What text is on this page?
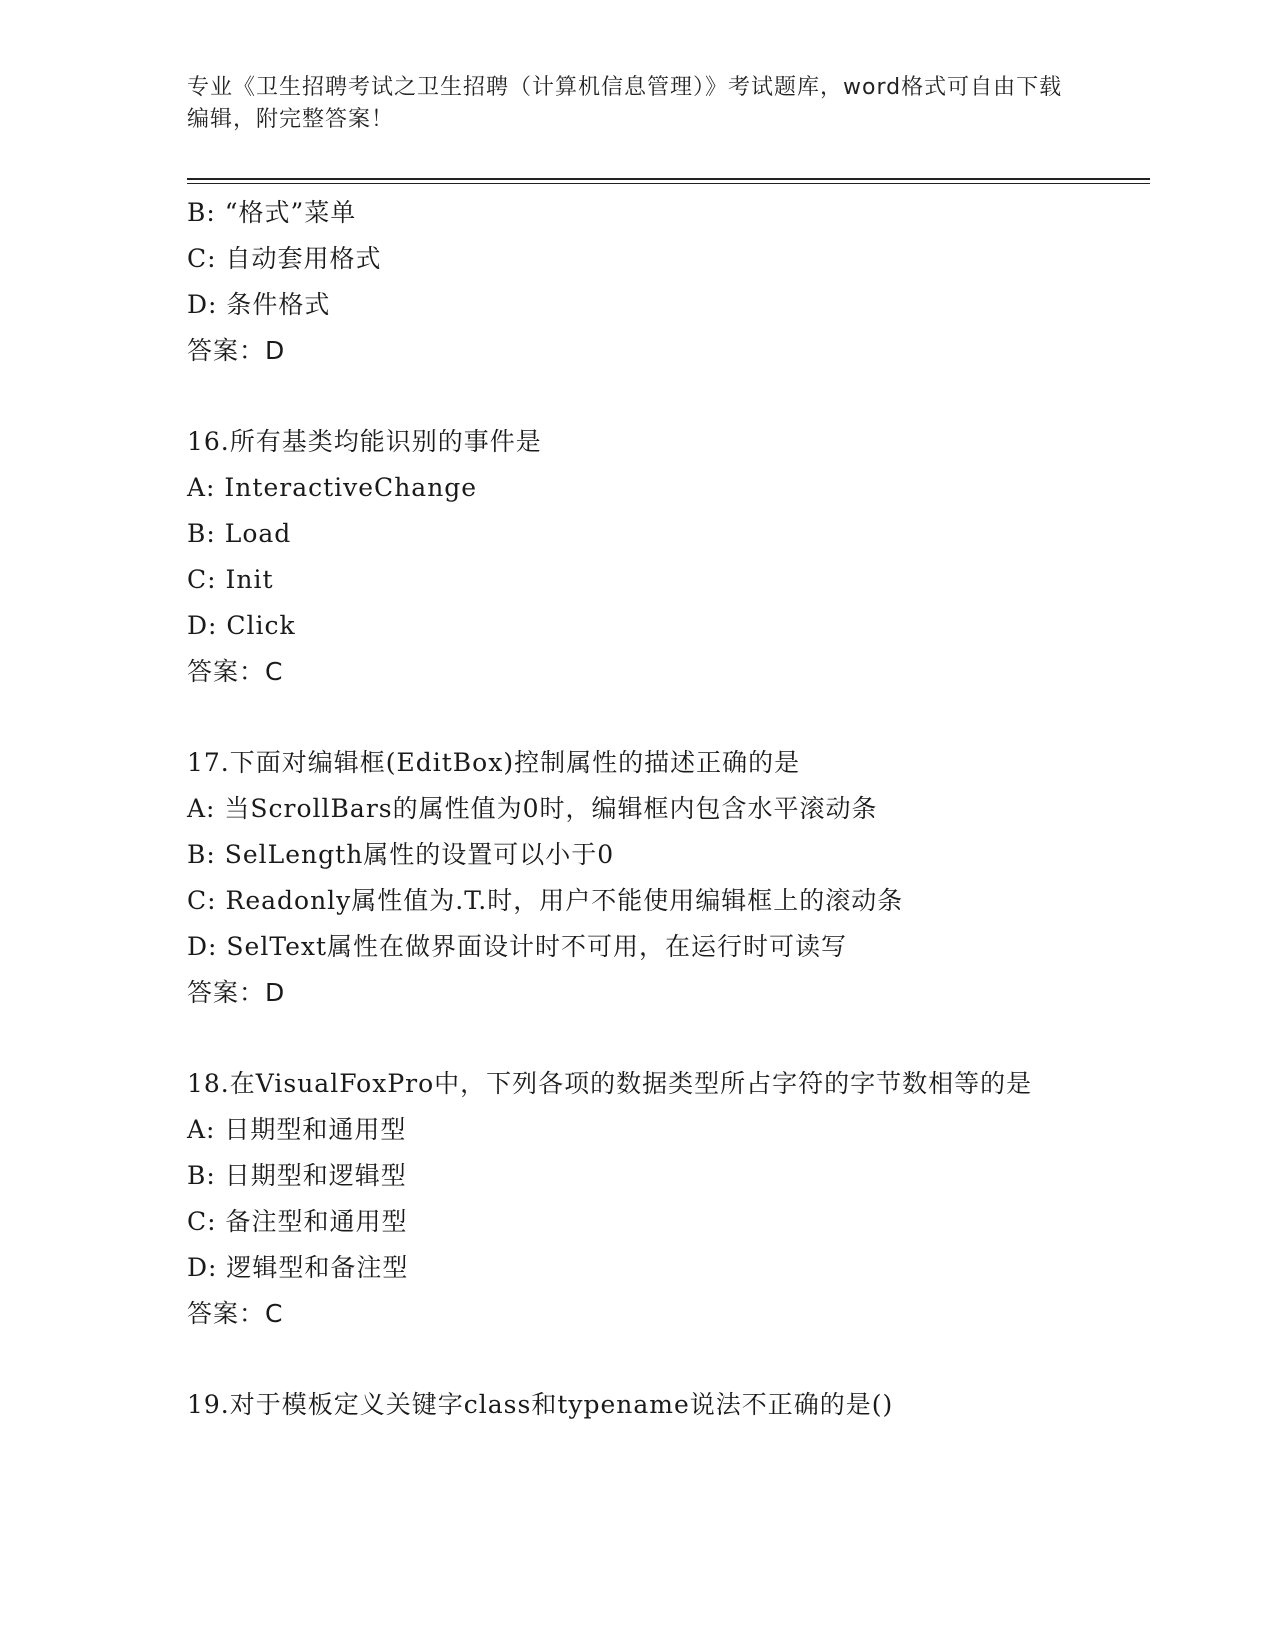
专业《卫生招聘考试之卫生招聘（计算机信息管理）》考试题库，word格式可自由下载编辑，附完整答案！
B: “格式”菜单
C: 自动套用格式
D: 条件格式
答案：D
16.所有基类均能识别的事件是
A: InteractiveChange
B: Load
C: Init
D: Click
答案：C
17.下面对编辑框(EditBox)控制属性的描述正确的是
A: 当ScrollBars的属性值为0时，编辑框内包含水平滚动条
B: SelLength属性的设置可以小于0
C: Readonly属性值为.T.时，用户不能使用编辑框上的滚动条
D: SelText属性在做界面设计时不可用，在运行时可读写
答案：D
18.在VisualFoxPro中，下列各项的数据类型所占字符的字节数相等的是
A: 日期型和通用型
B: 日期型和逻辑型
C: 备注型和通用型
D: 逻辑型和备注型
答案：C
19.对于模板定义关键字class和typename说法不正确的是()
